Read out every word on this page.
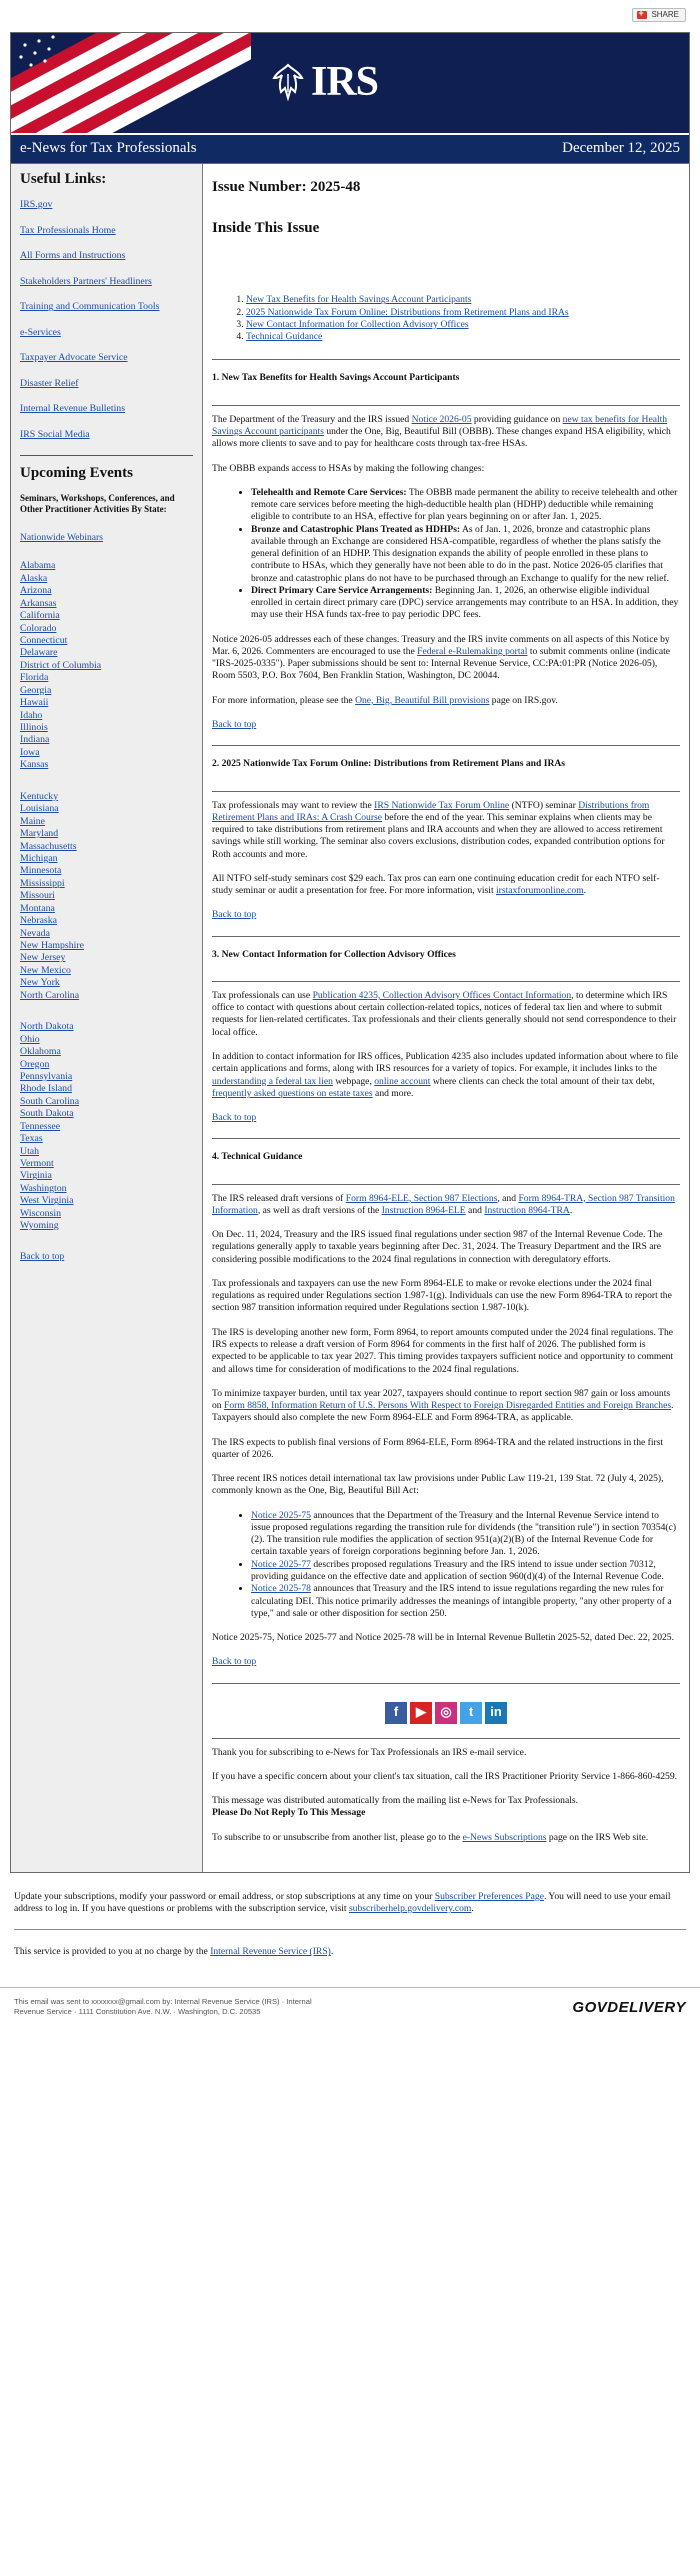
+
SHARE
IRS
e-News for Tax Professionals	December 12, 2025
Useful Links:
IRS.gov
Tax Professionals Home
All Forms and Instructions
Stakeholders Partners' Headliners
Training and Communication Tools
e-Services
Taxpayer Advocate Service
Disaster Relief
Internal Revenue Bulletins
IRS Social Media
Upcoming Events
Seminars, Workshops, Conferences, and Other Practitioner Activities By State:
Nationwide Webinars
Alabama
Alaska
Arizona
Arkansas
California
Colorado
Connecticut
Delaware
District of Columbia
Florida
Georgia
Hawaii
Idaho
Illinois
Indiana
Iowa
Kansas
Kentucky
Louisiana
Maine
Maryland
Massachusetts
Michigan
Minnesota
Mississippi
Missouri
Montana
Nebraska
Nevada
New Hampshire
New Jersey
New Mexico
New York
North Carolina
North Dakota
Ohio
Oklahoma
Oregon
Pennsylvania
Rhode Island
South Carolina
South Dakota
Tennessee
Texas
Utah
Vermont
Virginia
Washington
West Virginia
Wisconsin
Wyoming
Back to top
Issue Number: 2025-48
Inside This Issue
1. New Tax Benefits for Health Savings Account Participants
2. 2025 Nationwide Tax Forum Online: Distributions from Retirement Plans and IRAs
3. New Contact Information for Collection Advisory Offices
4. Technical Guidance
1. New Tax Benefits for Health Savings Account Participants

The Department of the Treasury and the IRS issued Notice 2026-05 providing guidance on new tax benefits for Health Savings Account participants under the One, Big, Beautiful Bill (OBBB). These changes expand HSA eligibility, which allows more clients to save and to pay for healthcare costs through tax-free HSAs.

The OBBB expands access to HSAs by making the following changes:

• Telehealth and Remote Care Services: The OBBB made permanent the ability to receive telehealth and other remote care services before meeting the high-deductible health plan (HDHP) deductible while remaining eligible to contribute to an HSA, effective for plan years beginning on or after Jan. 1, 2025.
• Bronze and Catastrophic Plans Treated as HDHPs: As of Jan. 1, 2026, bronze and catastrophic plans available through an Exchange are considered HSA-compatible, regardless of whether the plans satisfy the general definition of an HDHP. This designation expands the ability of people enrolled in these plans to contribute to HSAs, which they generally have not been able to do in the past. Notice 2026-05 clarifies that bronze and catastrophic plans do not have to be purchased through an Exchange to qualify for the new relief.
• Direct Primary Care Service Arrangements: Beginning Jan. 1, 2026, an otherwise eligible individual enrolled in certain direct primary care (DPC) service arrangements may contribute to an HSA. In addition, they may use their HSA funds tax-free to pay periodic DPC fees.

Notice 2026-05 addresses each of these changes. Treasury and the IRS invite comments on all aspects of this Notice by Mar. 6, 2026. Commenters are encouraged to use the Federal e-Rulemaking portal to submit comments online (indicate "IRS-2025-0335"). Paper submissions should be sent to: Internal Revenue Service, CC:PA:01:PR (Notice 2026-05), Room 5503, P.O. Box 7604, Ben Franklin Station, Washington, DC 20044.

For more information, please see the One, Big, Beautiful Bill provisions page on IRS.gov.

Back to top
2. 2025 Nationwide Tax Forum Online: Distributions from Retirement Plans and IRAs

Tax professionals may want to review the IRS Nationwide Tax Forum Online (NTFO) seminar Distributions from Retirement Plans and IRAs: A Crash Course before the end of the year. This seminar explains when clients may be required to take distributions from retirement plans and IRA accounts and when they are allowed to access retirement savings while still working. The seminar also covers exclusions, distribution codes, expanded contribution options for Roth accounts and more.

All NTFO self-study seminars cost $29 each. Tax pros can earn one continuing education credit for each NTFO self-study seminar or audit a presentation for free. For more information, visit irstaxforumonline.com.

Back to top
3. New Contact Information for Collection Advisory Offices

Tax professionals can use Publication 4235, Collection Advisory Offices Contact Information, to determine which IRS office to contact with questions about certain collection-related topics, notices of federal tax lien and where to submit requests for lien-related certificates. Tax professionals and their clients generally should not send correspondence to their local office.

In addition to contact information for IRS offices, Publication 4235 also includes updated information about where to file certain applications and forms, along with IRS resources for a variety of topics. For example, it includes links to the understanding a federal tax lien webpage, online account where clients can check the total amount of their tax debt, frequently asked questions on estate taxes and more.

Back to top
4. Technical Guidance

The IRS released draft versions of Form 8964-ELE, Section 987 Elections, and Form 8964-TRA, Section 987 Transition Information, as well as draft versions of the Instruction 8964-ELE and Instruction 8964-TRA.

On Dec. 11, 2024, Treasury and the IRS issued final regulations under section 987 of the Internal Revenue Code. The regulations generally apply to taxable years beginning after Dec. 31, 2024. The Treasury Department and the IRS are considering possible modifications to the 2024 final regulations in connection with deregulatory efforts.

Tax professionals and taxpayers can use the new Form 8964-ELE to make or revoke elections under the 2024 final regulations as required under Regulations section 1.987-1(g). Individuals can use the new Form 8964-TRA to report the section 987 transition information required under Regulations section 1.987-10(k).

The IRS is developing another new form, Form 8964, to report amounts computed under the 2024 final regulations. The IRS expects to release a draft version of Form 8964 for comments in the first half of 2026. The published form is expected to be applicable to tax year 2027. This timing provides taxpayers sufficient notice and opportunity to comment and allows time for consideration of modifications to the 2024 final regulations.

To minimize taxpayer burden, until tax year 2027, taxpayers should continue to report section 987 gain or loss amounts on Form 8858, Information Return of U.S. Persons With Respect to Foreign Disregarded Entities and Foreign Branches. Taxpayers should also complete the new Form 8964-ELE and Form 8964-TRA, as applicable.

The IRS expects to publish final versions of Form 8964-ELE, Form 8964-TRA and the related instructions in the first quarter of 2026.

Three recent IRS notices detail international tax law provisions under Public Law 119-21, 139 Stat. 72 (July 4, 2025), commonly known as the One, Big, Beautiful Bill Act:

• Notice 2025-75 announces that the Department of the Treasury and the Internal Revenue Service intend to issue proposed regulations regarding the transition rule for dividends (the "transition rule") in section 70354(c)(2). The transition rule modifies the application of section 951(a)(2)(B) of the Internal Revenue Code for certain taxable years of foreign corporations beginning before Jan. 1, 2026.
• Notice 2025-77 describes proposed regulations Treasury and the IRS intend to issue under section 70312, providing guidance on the effective date and application of section 960(d)(4) of the Internal Revenue Code.
• Notice 2025-78 announces that Treasury and the IRS intend to issue regulations regarding the new rules for calculating DEI. This notice primarily addresses the meanings of intangible property, "any other property of a type," and sale or other disposition for section 250.

Notice 2025-75, Notice 2025-77 and Notice 2025-78 will be in Internal Revenue Bulletin 2025-52, dated Dec. 22, 2025.

Back to top
f	▶	◎	t	in

Thank you for subscribing to e-News for Tax Professionals an IRS e-mail service.

If you have a specific concern about your client's tax situation, call the IRS Practitioner Priority Service 1-866-860-4259.

This message was distributed automatically from the mailing list e-News for Tax Professionals.
Please Do Not Reply To This Message

To subscribe to or unsubscribe from another list, please go to the e-News Subscriptions page on the IRS Web site.

Update your subscriptions, modify your password or email address, or stop subscriptions at any time on your Subscriber Preferences Page. You will need to use your email address to log in. If you have questions or problems with the subscription service, visit subscriberhelp.govdelivery.com.

This service is provided to you at no charge by the Internal Revenue Service (IRS).

This email was sent to xxxxxxx@gmail.com by: Internal Revenue Service (IRS) · Internal Revenue Service · 1111 Constitution Ave. N.W. · Washington, D.C. 20535	GOVDELIVERY
